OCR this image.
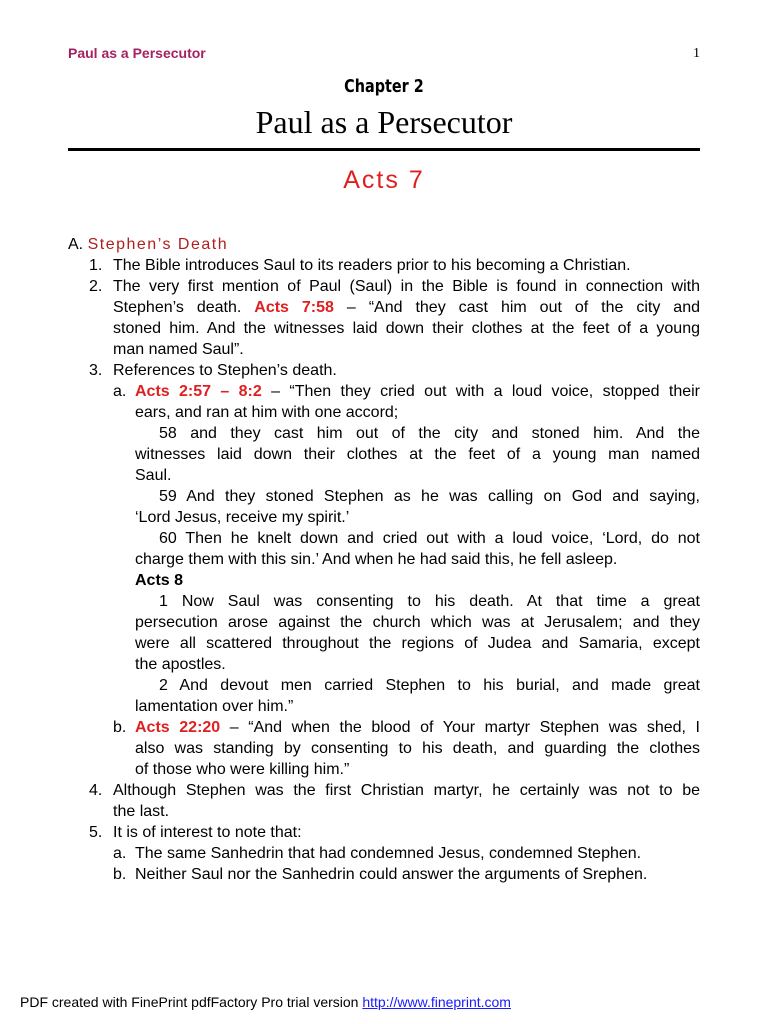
Paul as a Persecutor	1
Chapter 2
Paul as a Persecutor
Acts 7
A. Stephen’s Death
1. The Bible introduces Saul to its readers prior to his becoming a Christian.
2. The very first mention of Paul (Saul) in the Bible is found in connection with
Stephen’s death. Acts 7:58 – “And they cast him out of the city and
stoned him. And the witnesses laid down their clothes at the feet of a young
man named Saul”.
3. References to Stephen’s death.
a. Acts 2:57 – 8:2 – “Then they cried out with a loud voice, stopped their
ears, and ran at him with one accord;
58 and they cast him out of the city and stoned him. And the
witnesses laid down their clothes at the feet of a young man named
Saul.
59 And they stoned Stephen as he was calling on God and saying,
‘Lord Jesus, receive my spirit.’
60 Then he knelt down and cried out with a loud voice, ‘Lord, do not
charge them with this sin.’ And when he had said this, he fell asleep.
Acts 8
1 Now Saul was consenting to his death. At that time a great
persecution arose against the church which was at Jerusalem; and they
were all scattered throughout the regions of Judea and Samaria, except
the apostles.
2 And devout men carried Stephen to his burial, and made great
lamentation over him.”
b. Acts 22:20 – “And when the blood of Your martyr Stephen was shed, I
also was standing by consenting to his death, and guarding the clothes
of those who were killing him.”
4. Although Stephen was the first Christian martyr, he certainly was not to be
the last.
5. It is of interest to note that:
a. The same Sanhedrin that had condemned Jesus, condemned Stephen.
b. Neither Saul nor the Sanhedrin could answer the arguments of Srephen.
PDF created with FinePrint pdfFactory Pro trial version http://www.fineprint.com
